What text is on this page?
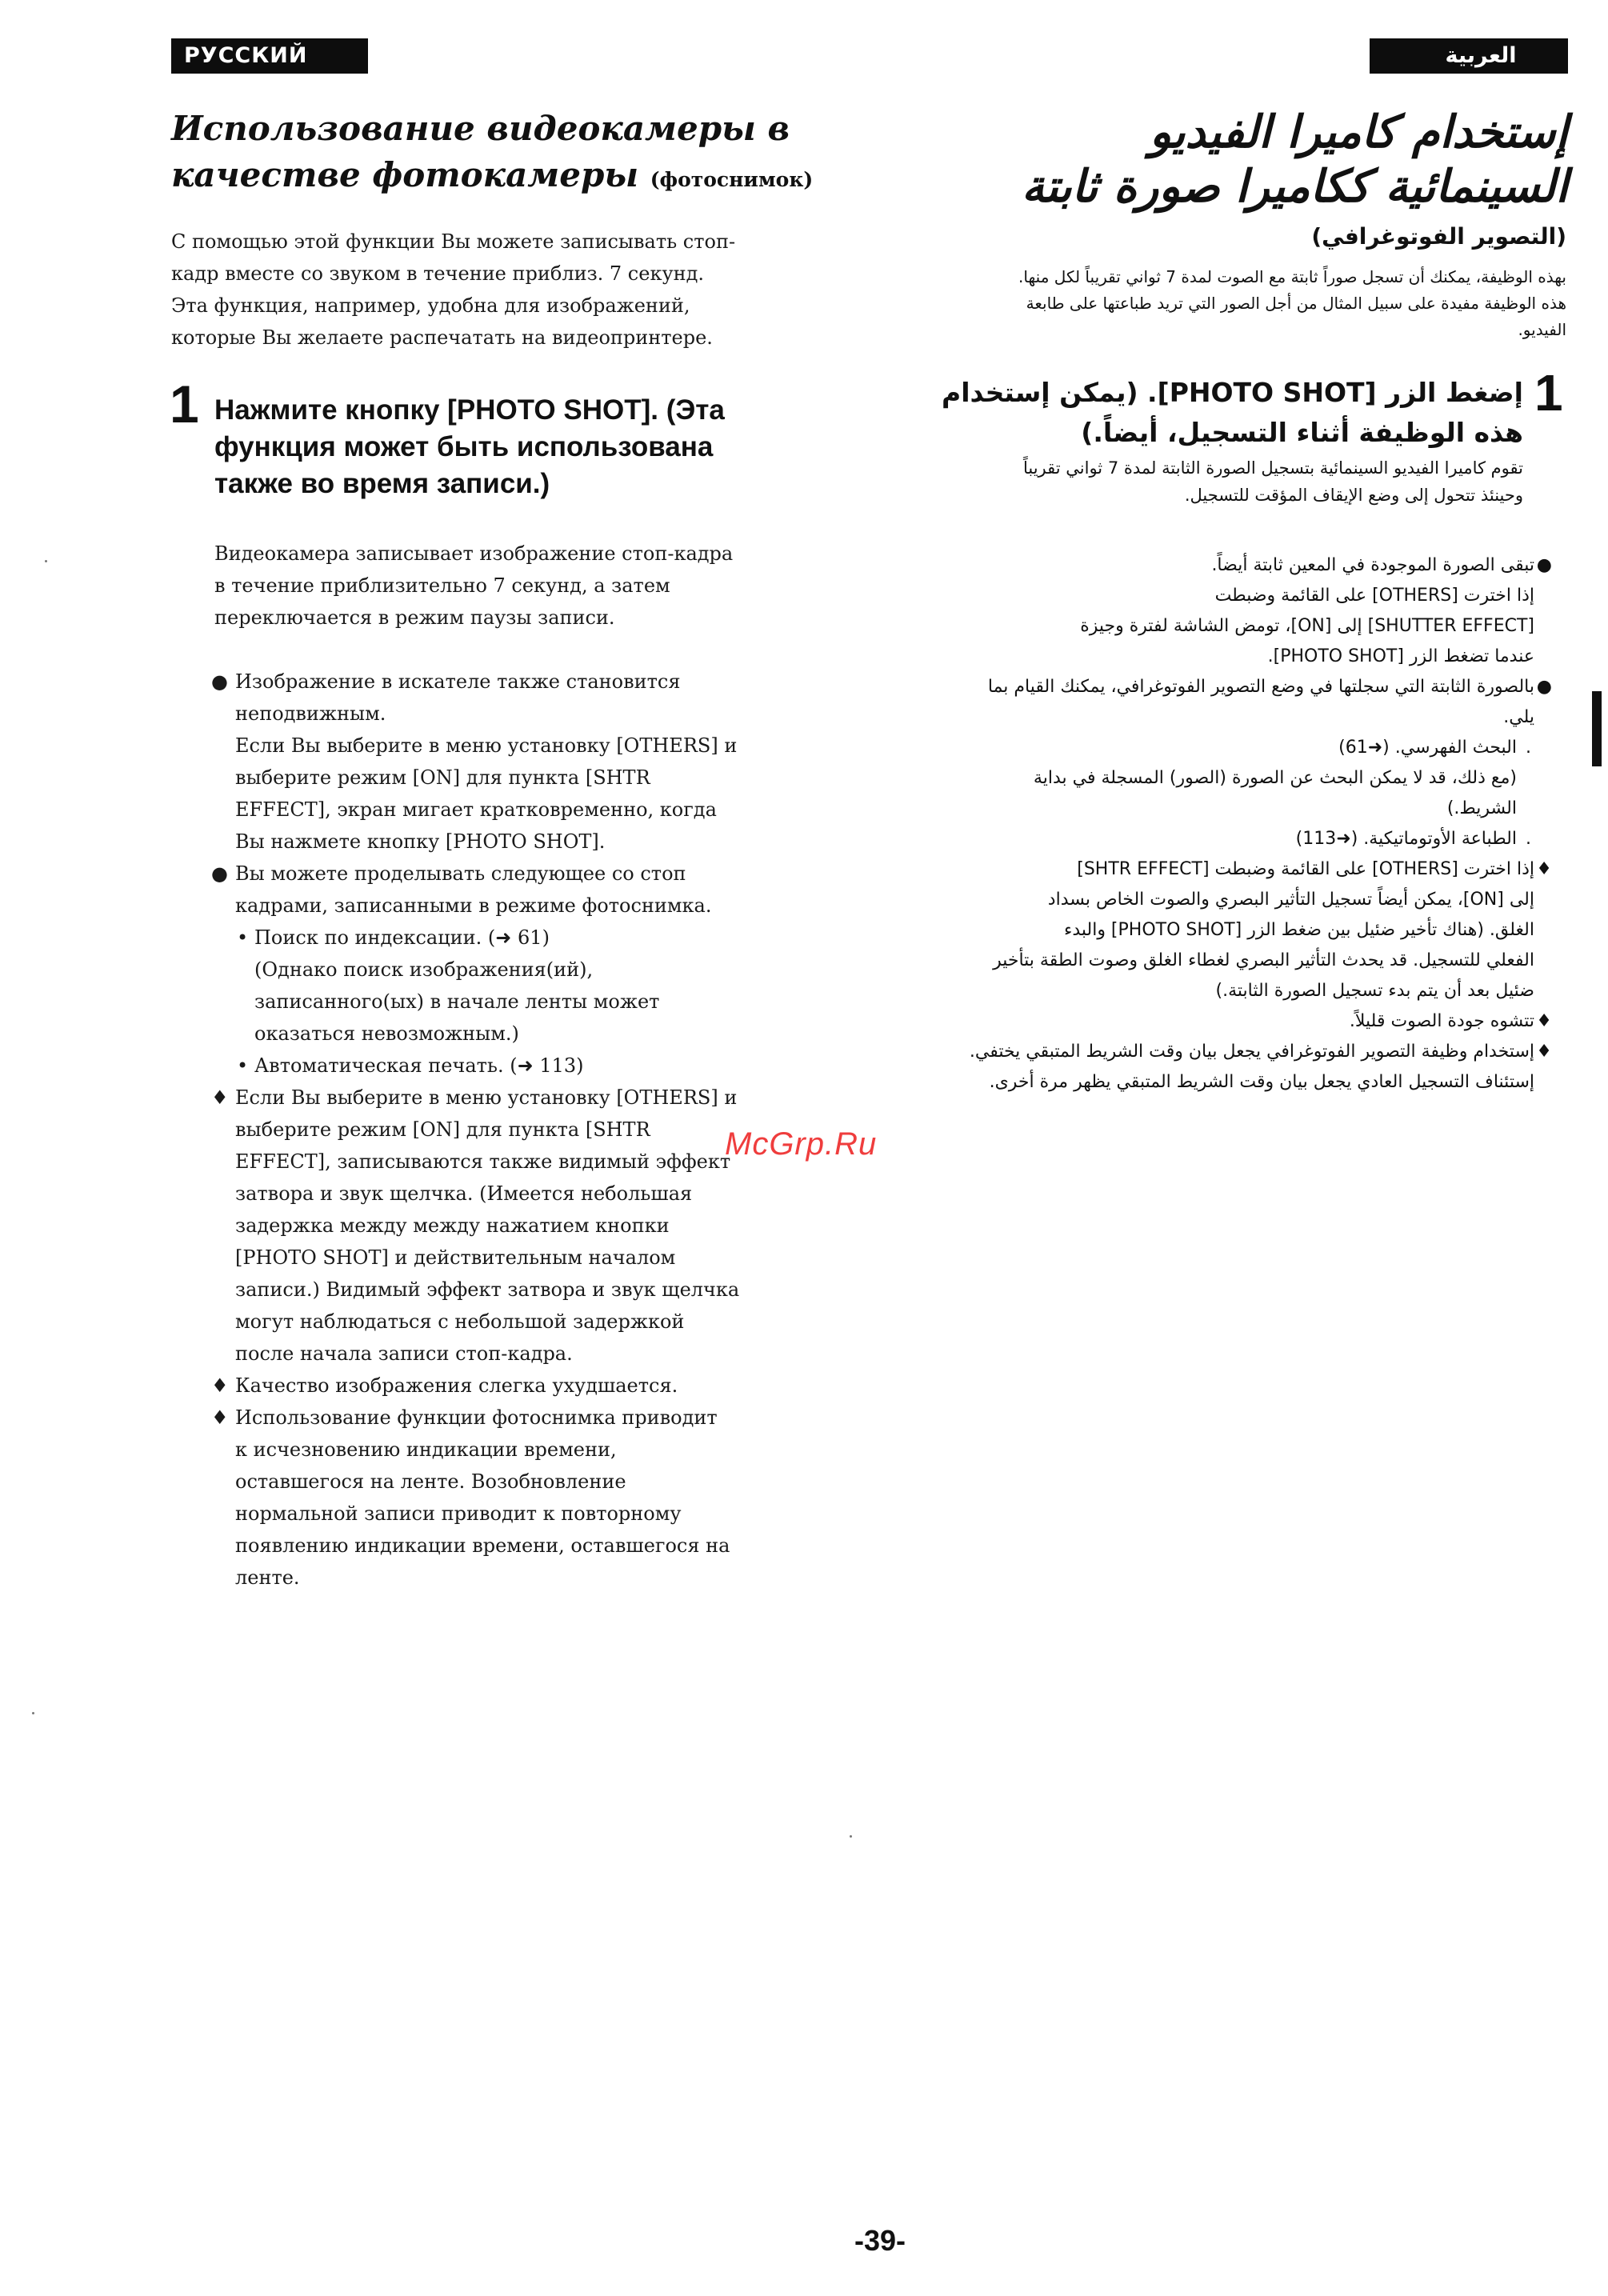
РУССКИЙ ЯЗЫК
العربية
Использование видеокамеры в
качестве фотокамеры (фотоснимок)
С помощью этой функции Вы можете записывать стоп-
кадр вместе со звуком в течение приблиз. 7 секунд.
Эта функция, например, удобна для изображений,
которые Вы желаете распечатать на видеопринтере.
1 Нажмите кнопку [PHOTO SHOT]. (Эта
функция может быть использована
также во время записи.)
Видеокамера записывает изображение стоп-кадра
в течение приблизительно 7 секунд, а затем
переключается в режим паузы записи.
● Изображение в искателе также становится
неподвижным.
Если Вы выберите в меню установку [OTHERS] и
выберите режим [ON] для пункта [SHTR
EFFECT], экран мигает кратковременно, когда
Вы нажмете кнопку [PHOTO SHOT].
● Вы можете проделывать следующее со стоп
кадрами, записанными в режиме фотоснимка.
• Поиск по индексации. (➜ 61)
(Однако поиск изображения(ий),
записанного(ых) в начале ленты может
оказаться невозможным.)
• Автоматическая печать. (➜ 113)
♦ Если Вы выберите в меню установку [OTHERS] и
выберите режим [ON] для пункта [SHTR
EFFECT], записываются также видимый эффект
затвора и звук щелчка. (Имеется небольшая
задержка между между нажатием кнопки
[PHOTO SHOT] и действительным началом
записи.) Видимый эффект затвора и звук щелчка
могут наблюдаться с небольшой задержкой
после начала записи стоп-кадра.
♦ Качество изображения слегка ухудшается.
♦ Использование функции фотоснимка приводит
к исчезновению индикации времени,
оставшегося на ленте. Возобновление
нормальной записи приводит к повторному
появлению индикации времени, оставшегося на
ленте.
إستخدام كاميرا الفيديو
السينمائية ككاميرا صورة ثابتة
(التصوير الفوتوغرافي)
بهذه الوظيفة، يمكنك أن تسجل صوراً ثابتة مع الصوت لمدة 7 ثواني تقريباً لكل منها.
هذه الوظيفة مفيدة على سبيل المثال من أجل الصور التي تريد طباعتها على طابعة
الفيديو.
1
إضغط الزر [PHOTO SHOT]. (يمكن إستخدام
هذه الوظيفة أثناء التسجيل، أيضاً.)
تقوم كاميرا الفيديو السينمائية بتسجيل الصورة الثابتة لمدة 7 ثواني تقريباً
وحينئذ تتحول إلى وضع الإيقاف المؤقت للتسجيل.
●
تبقى الصورة الموجودة في المعين ثابتة أيضاً.
إذا اخترت [OTHERS] على القائمة وضبطت
[SHUTTER EFFECT] إلى [ON]، تومض الشاشة لفترة وجيزة
عندما تضغط الزر [PHOTO SHOT].
●
بالصورة الثابتة التي سجلتها في وضع التصوير الفوتوغرافي، يمكنك القيام بما
يلي.
.
البحث الفهرسي. (➜61)
(مع ذلك، قد لا يمكن البحث عن الصورة (الصور) المسجلة في بداية
الشريط.)
.
الطباعة الأوتوماتيكية. (➜113)
♦
إذا اخترت [OTHERS] على القائمة وضبطت [SHTR EFFECT]
إلى [ON]، يمكن أيضاً تسجيل التأثير البصري والصوت الخاص بسداد
الغلق. (هناك تأخير ضئيل بين ضغط الزر [PHOTO SHOT] والبدء
الفعلي للتسجيل. قد يحدث التأثير البصري لغطاء الغلق وصوت الطقة بتأخير
ضئيل بعد أن يتم بدء تسجيل الصورة الثابتة.)
♦
تتشوه جودة الصوت قليلاً.
♦
إستخدام وظيفة التصوير الفوتوغرافي يجعل بيان وقت الشريط المتبقي يختفي.
إستئناف التسجيل العادي يجعل بيان وقت الشريط المتبقي يظهر مرة أخرى.
McGrp.Ru
-39-
